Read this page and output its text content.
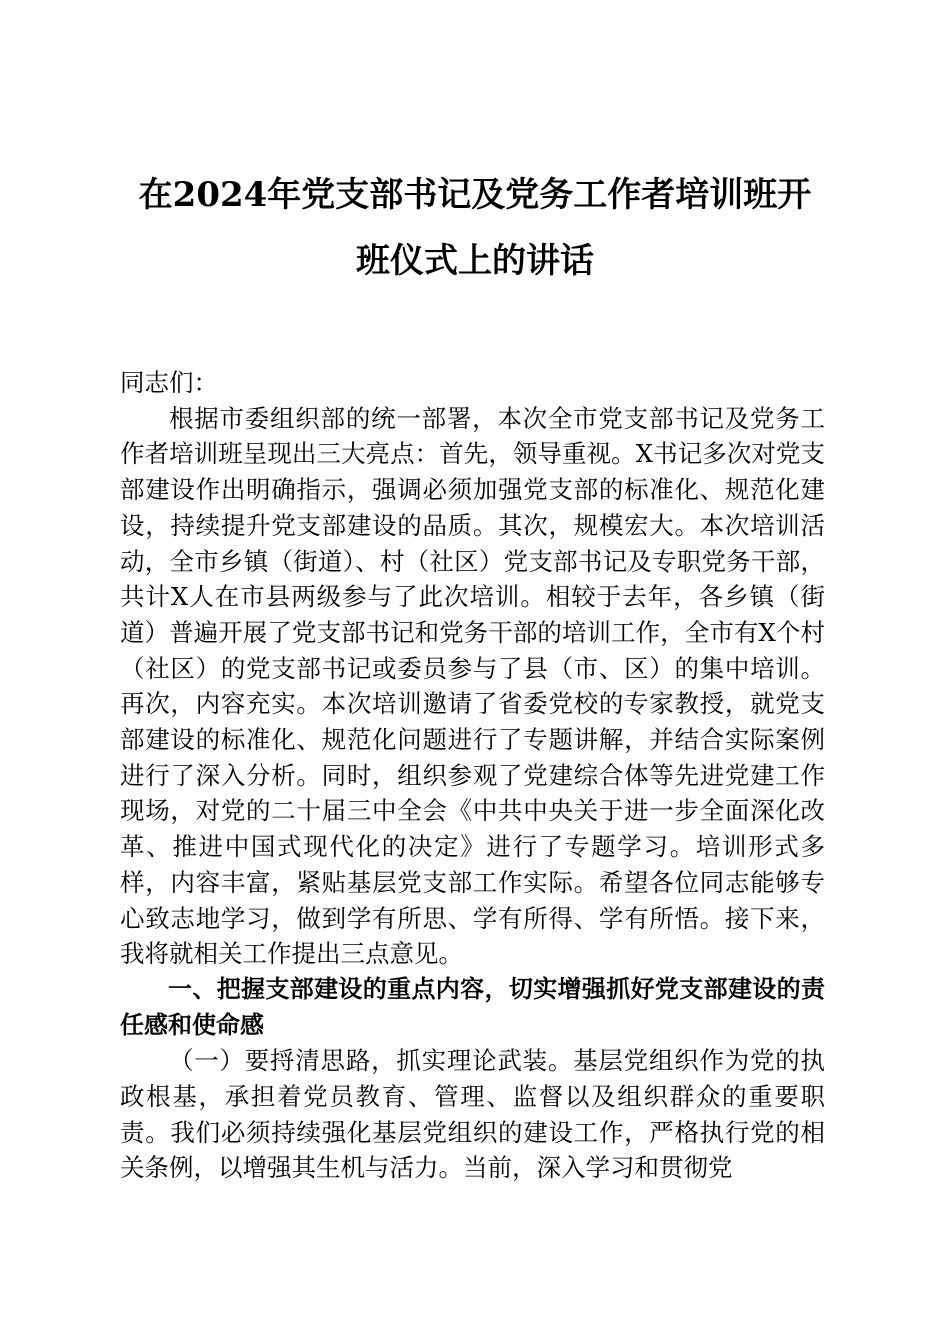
在2024年党支部书记及党务工作者培训班开
班仪式上的讲话

同志们：

根据市委组织部的统一部署，本次全市党支部书记及党务工作者培训班呈现出三大亮点：首先，领导重视。X书记多次对党支部建设作出明确指示，强调必须加强党支部的标准化、规范化建设，持续提升党支部建设的品质。其次，规模宏大。本次培训活动，全市乡镇（街道）、村（社区）党支部书记及专职党务干部，共计X人在市县两级参与了此次培训。相较于去年，各乡镇（街道）普遍开展了党支部书记和党务干部的培训工作，全市有X个村（社区）的党支部书记或委员参与了县（市、区）的集中培训。再次，内容充实。本次培训邀请了省委党校的专家教授，就党支部建设的标准化、规范化问题进行了专题讲解，并结合实际案例进行了深入分析。同时，组织参观了党建综合体等先进党建工作现场，对党的二十届三中全会《中共中央关于进一步全面深化改革、推进中国式现代化的决定》进行了专题学习。培训形式多样，内容丰富，紧贴基层党支部工作实际。希望各位同志能够专心致志地学习，做到学有所思、学有所得、学有所悟。接下来，我将就相关工作提出三点意见。

一、把握支部建设的重点内容，切实增强抓好党支部建设的责任感和使命感

（一）要捋清思路，抓实理论武装。基层党组织作为党的执政根基，承担着党员教育、管理、监督以及组织群众的重要职责。我们必须持续强化基层党组织的建设工作，严格执行党的相关条例，以增强其生机与活力。当前，深入学习和贯彻党
